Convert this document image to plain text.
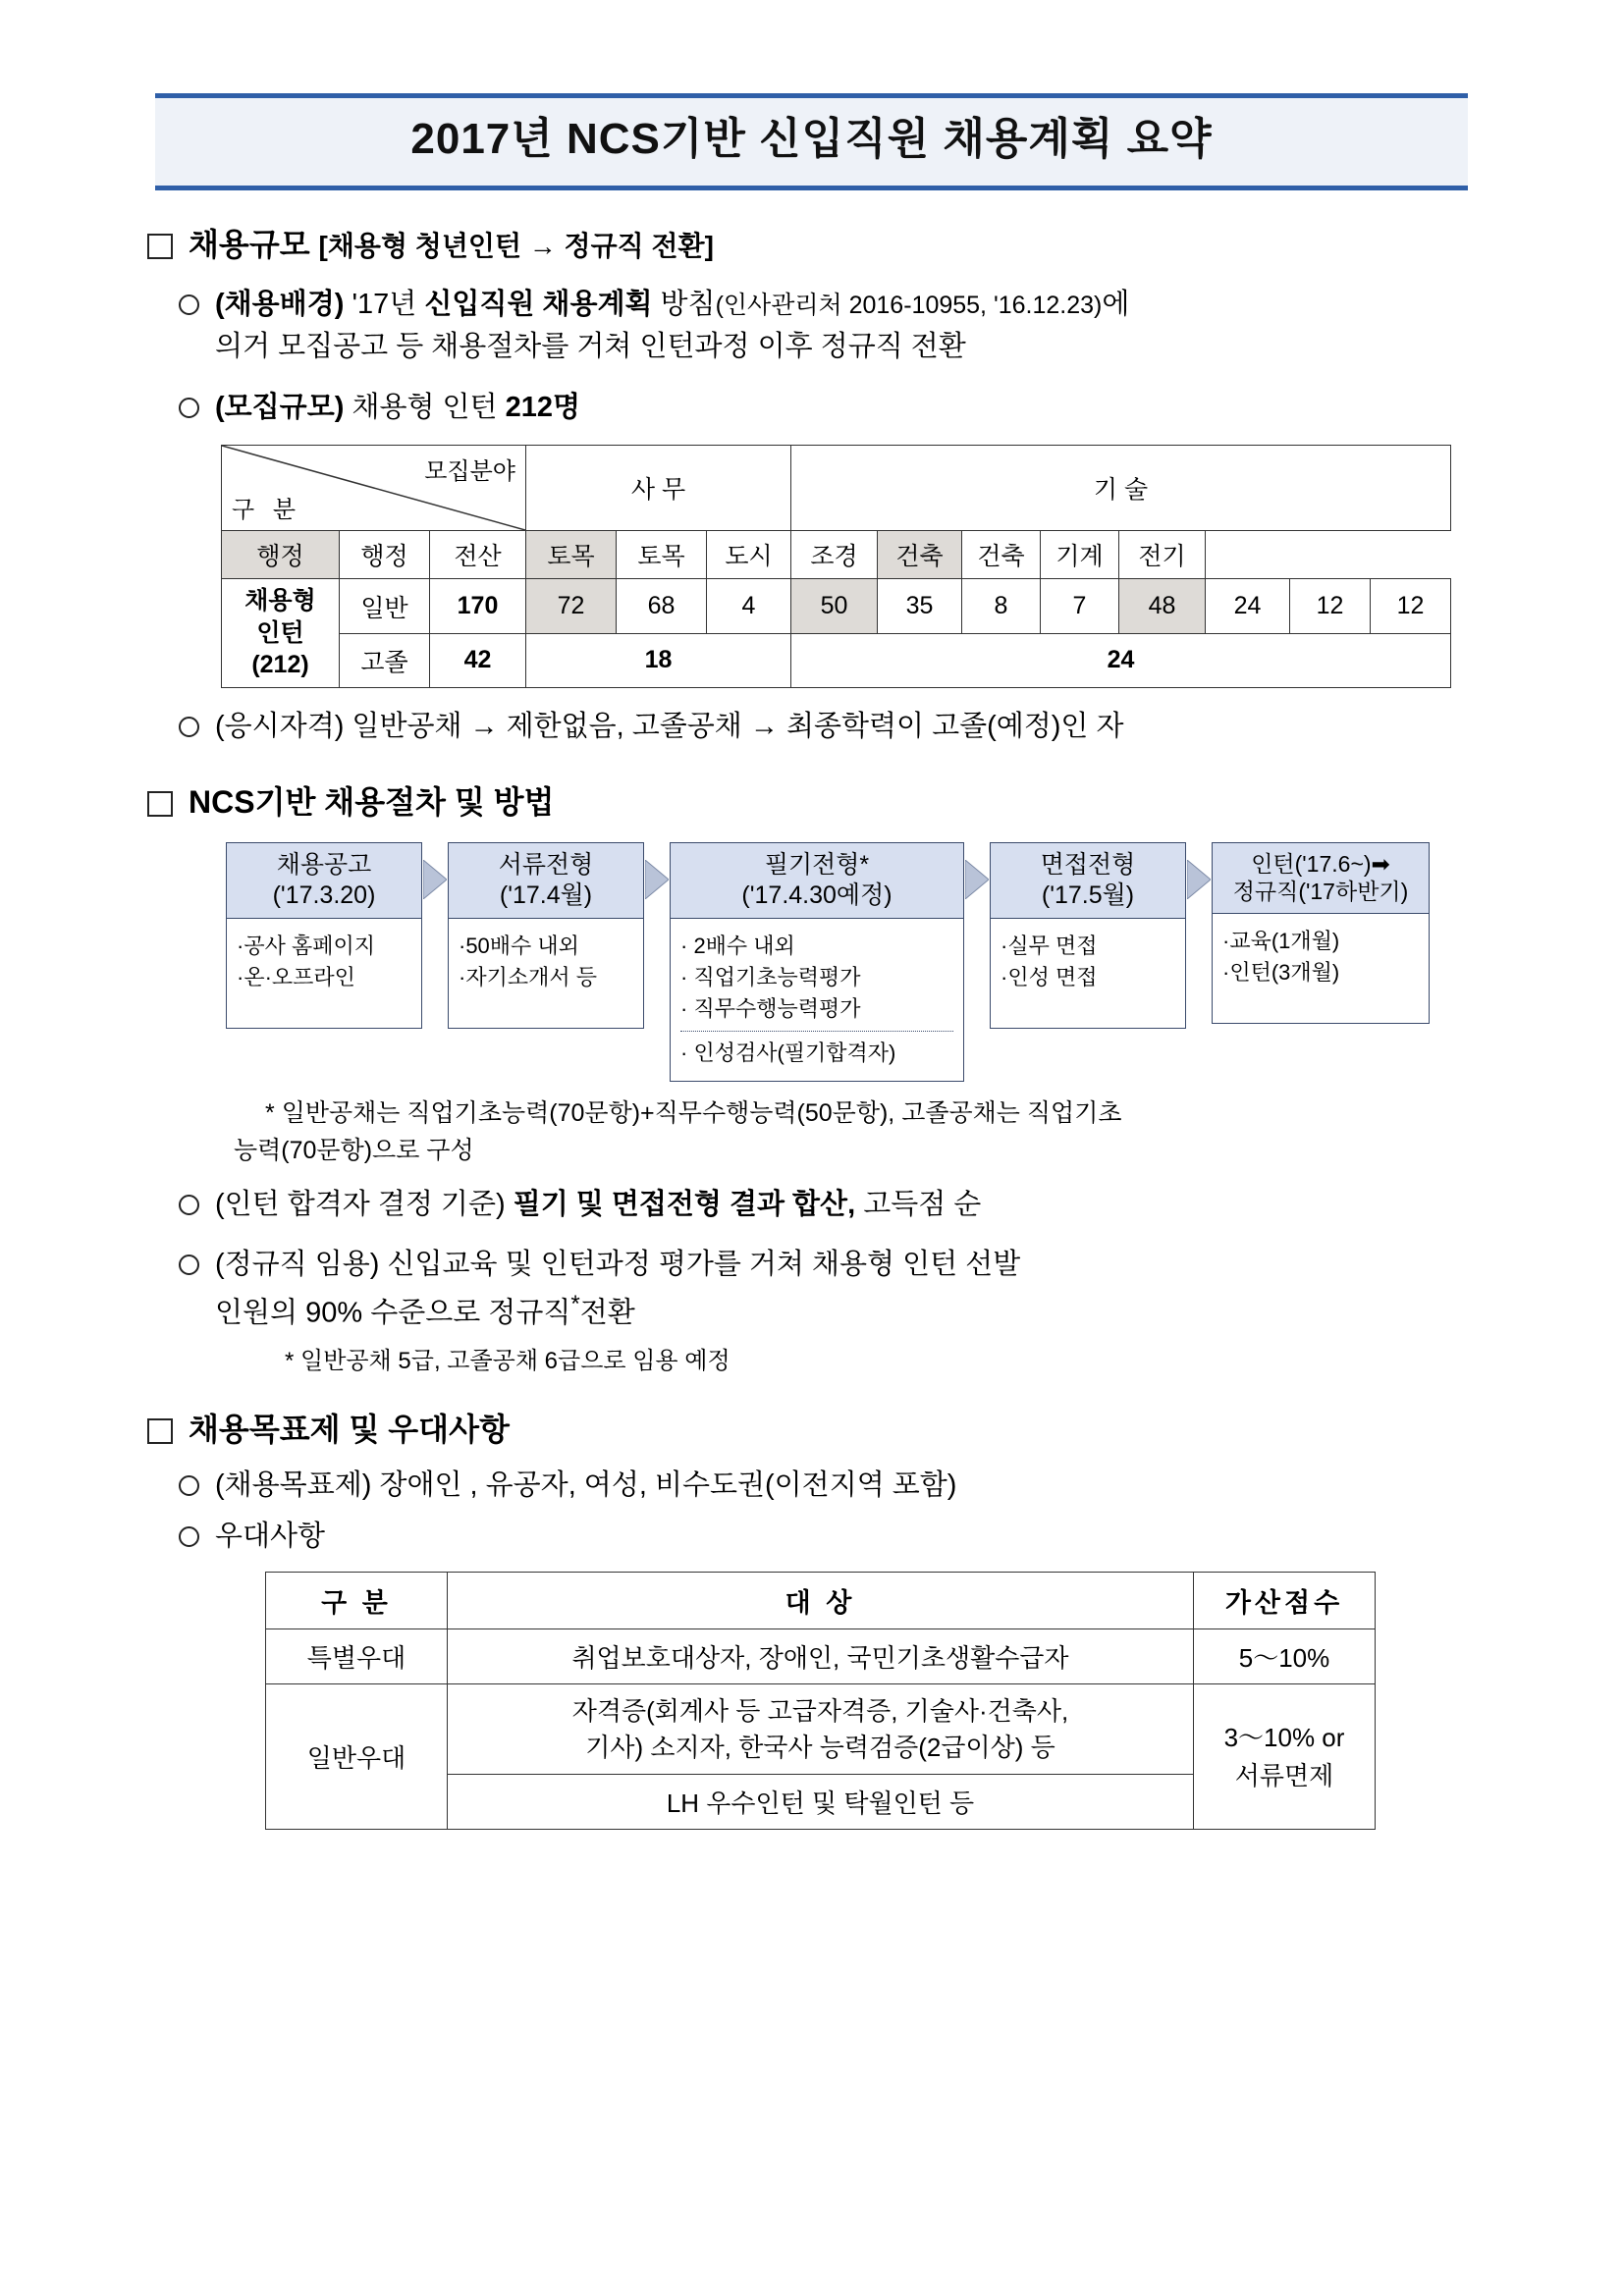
2017년 NCS기반 신입직원 채용계획 요약
채용규모 [채용형 청년인턴 → 정규직 전환]
(채용배경) '17년 신입직원 채용계획 방침(인사관리처 2016-10955, '16.12.23)에
의거 모집공고 등 채용절차를 거쳐 인턴과정 이후 정규직 전환
(모집규모) 채용형 인턴 212명
모집분야
구 분			사 무			기 술							
행정	행정	전산	토목	토목	도시	조경	건축	건축	기계	전기			
채용형
인턴
(212)	일반	170	72	68	4	50	35	8	7	48	24	12	12
	고졸	42	18			24							
(응시자격) 일반공채 → 제한없음, 고졸공채 → 최종학력이 고졸(예정)인 자
NCS기반 채용절차 및 방법
채용공고
('17.3.20)
·공사 홈페이지
·온·오프라인
서류전형
('17.4월)
·50배수 내외
·자기소개서 등
필기전형*
('17.4.30예정)
· 2배수 내외
· 직업기초능력평가
· 직무수행능력평가
· 인성검사(필기합격자)
면접전형
('17.5월)
·실무 면접
·인성 면접
인턴('17.6~)➡
정규직('17하반기)
·교육(1개월)
·인턴(3개월)
* 일반공채는 직업기초능력(70문항)+직무수행능력(50문항), 고졸공채는 직업기초
능력(70문항)으로 구성
(인턴 합격자 결정 기준) 필기 및 면접전형 결과 합산, 고득점 순
(정규직 임용) 신입교육 및 인턴과정 평가를 거쳐 채용형 인턴 선발
인원의 90% 수준으로 정규직*전환
* 일반공채 5급, 고졸공채 6급으로 임용 예정
채용목표제 및 우대사항
(채용목표제) 장애인 , 유공자, 여성, 비수도권(이전지역 포함)
우대사항
구 분	대 상	가산점수
특별우대	취업보호대상자, 장애인, 국민기초생활수급자	5～10%
일반우대	자격증(회계사 등 고급자격증, 기술사·건축사,
기사) 소지자, 한국사 능력검증(2급이상) 등	3～10% or
서류면제
	LH 우수인턴 및 탁월인턴 등	
